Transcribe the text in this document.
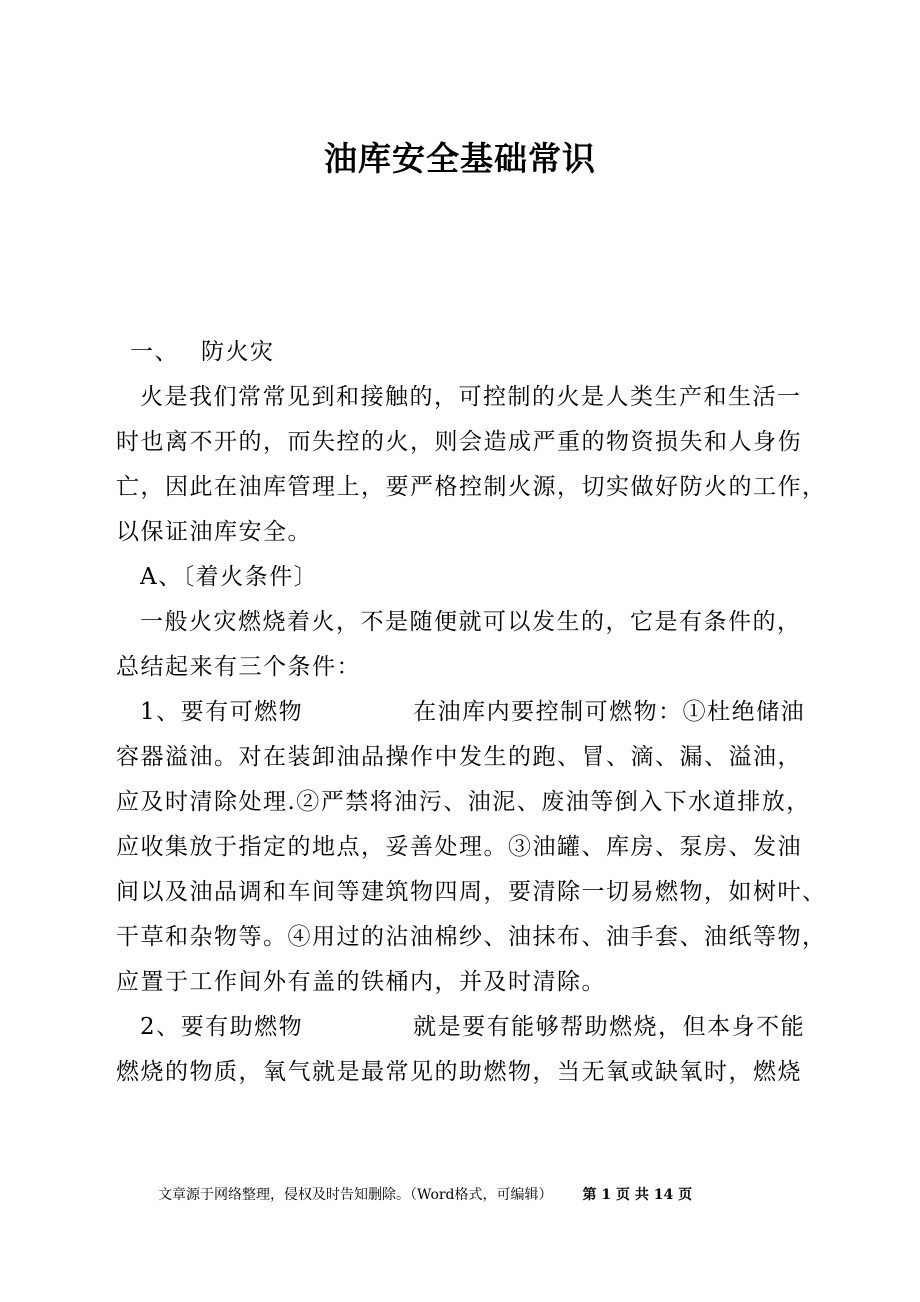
油库安全基础常识
一、 防火灾
火是我们常常见到和接触的，可控制的火是人类生产和生活一
时也离不开的，而失控的火，则会造成严重的物资损失和人身伤
亡，因此在油库管理上，要严格控制火源，切实做好防火的工作，
以保证油库安全。
A、〔着火条件〕
一般火灾燃烧着火，不是随便就可以发生的，它是有条件的，
总结起来有三个条件：
1、要有可燃物	在油库内要控制可燃物：①杜绝储油
容器溢油。对在装卸油品操作中发生的跑、冒、滴、漏、溢油，
应及时清除处理.②严禁将油污、油泥、废油等倒入下水道排放，
应收集放于指定的地点，妥善处理。③油罐、库房、泵房、发油
间以及油品调和车间等建筑物四周，要清除一切易燃物，如树叶、
干草和杂物等。④用过的沾油棉纱、油抹布、油手套、油纸等物，
应置于工作间外有盖的铁桶内，并及时清除。
2、要有助燃物	就是要有能够帮助燃烧，但本身不能
燃烧的物质，氧气就是最常见的助燃物，当无氧或缺氧时，燃烧
文章源于网络整理，侵权及时告知删除。（Word格式，可编辑） 第 1 页 共 14 页
